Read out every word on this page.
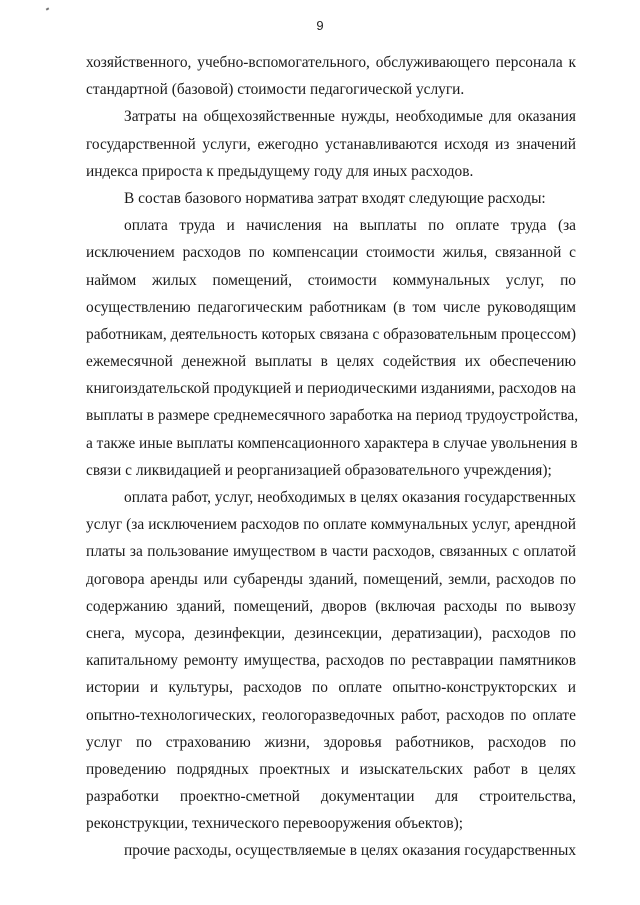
9
хозяйственного, учебно-вспомогательного, обслуживающего персонала к
стандартной (базовой) стоимости педагогической услуги.
Затраты на общехозяйственные нужды, необходимые для оказания
государственной услуги, ежегодно устанавливаются исходя из значений
индекса прироста к предыдущему году для иных расходов.
В состав базового норматива затрат входят следующие расходы:
оплата труда и начисления на выплаты по оплате труда (за
исключением расходов по компенсации стоимости жилья, связанной с
наймом жилых помещений, стоимости коммунальных услуг, по
осуществлению педагогическим работникам (в том числе руководящим
работникам, деятельность которых связана с образовательным процессом)
ежемесячной денежной выплаты в целях содействия их обеспечению
книгоиздательской продукцией и периодическими изданиями, расходов на
выплаты в размере среднемесячного заработка на период трудоустройства,
а также иные выплаты компенсационного характера в случае увольнения в
связи с ликвидацией и реорганизацией образовательного учреждения);
оплата работ, услуг, необходимых в целях оказания государственных
услуг (за исключением расходов по оплате коммунальных услуг, арендной
платы за пользование имуществом в части расходов, связанных с оплатой
договора аренды или субаренды зданий, помещений, земли, расходов по
содержанию зданий, помещений, дворов (включая расходы по вывозу
снега, мусора, дезинфекции, дезинсекции, дератизации), расходов по
капитальному ремонту имущества, расходов по реставрации памятников
истории и культуры, расходов по оплате опытно-конструкторских и
опытно-технологических, геологоразведочных работ, расходов по оплате
услуг по страхованию жизни, здоровья работников, расходов по
проведению подрядных проектных и изыскательских работ в целях
разработки проектно-сметной документации для строительства,
реконструкции, технического перевооружения объектов);
прочие расходы, осуществляемые в целях оказания государственных
